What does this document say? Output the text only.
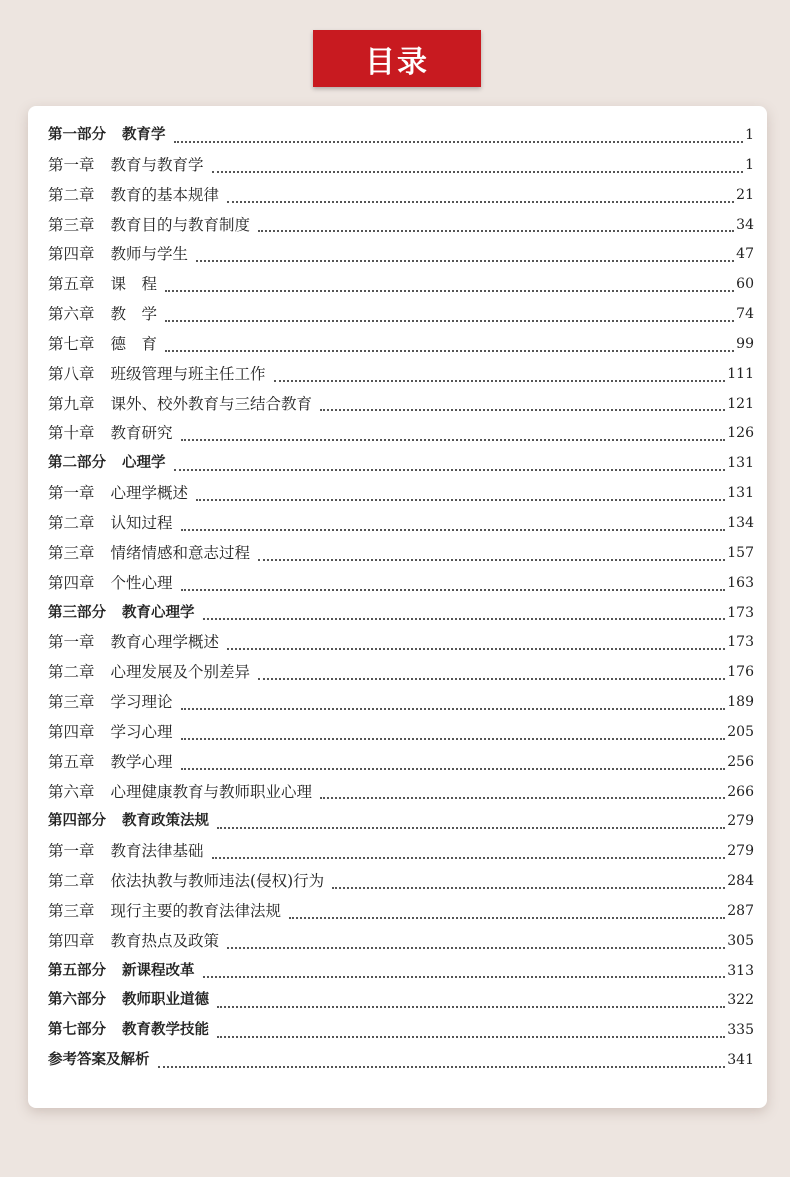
目录
第一部分 教育学	1
第一章 教育与教育学	1
第二章 教育的基本规律	21
第三章 教育目的与教育制度	34
第四章 教师与学生	47
第五章 课　程	60
第六章 教　学	74
第七章 德　育	99
第八章 班级管理与班主任工作	111
第九章 课外、校外教育与三结合教育	121
第十章 教育研究	126
第二部分 心理学	131
第一章 心理学概述	131
第二章 认知过程	134
第三章 情绪情感和意志过程	157
第四章 个性心理	163
第三部分 教育心理学	173
第一章 教育心理学概述	173
第二章 心理发展及个别差异	176
第三章 学习理论	189
第四章 学习心理	205
第五章 教学心理	256
第六章 心理健康教育与教师职业心理	266
第四部分 教育政策法规	279
第一章 教育法律基础	279
第二章 依法执教与教师违法(侵权)行为	284
第三章 现行主要的教育法律法规	287
第四章 教育热点及政策	305
第五部分 新课程改革	313
第六部分 教师职业道德	322
第七部分 教育教学技能	335
参考答案及解析	341
